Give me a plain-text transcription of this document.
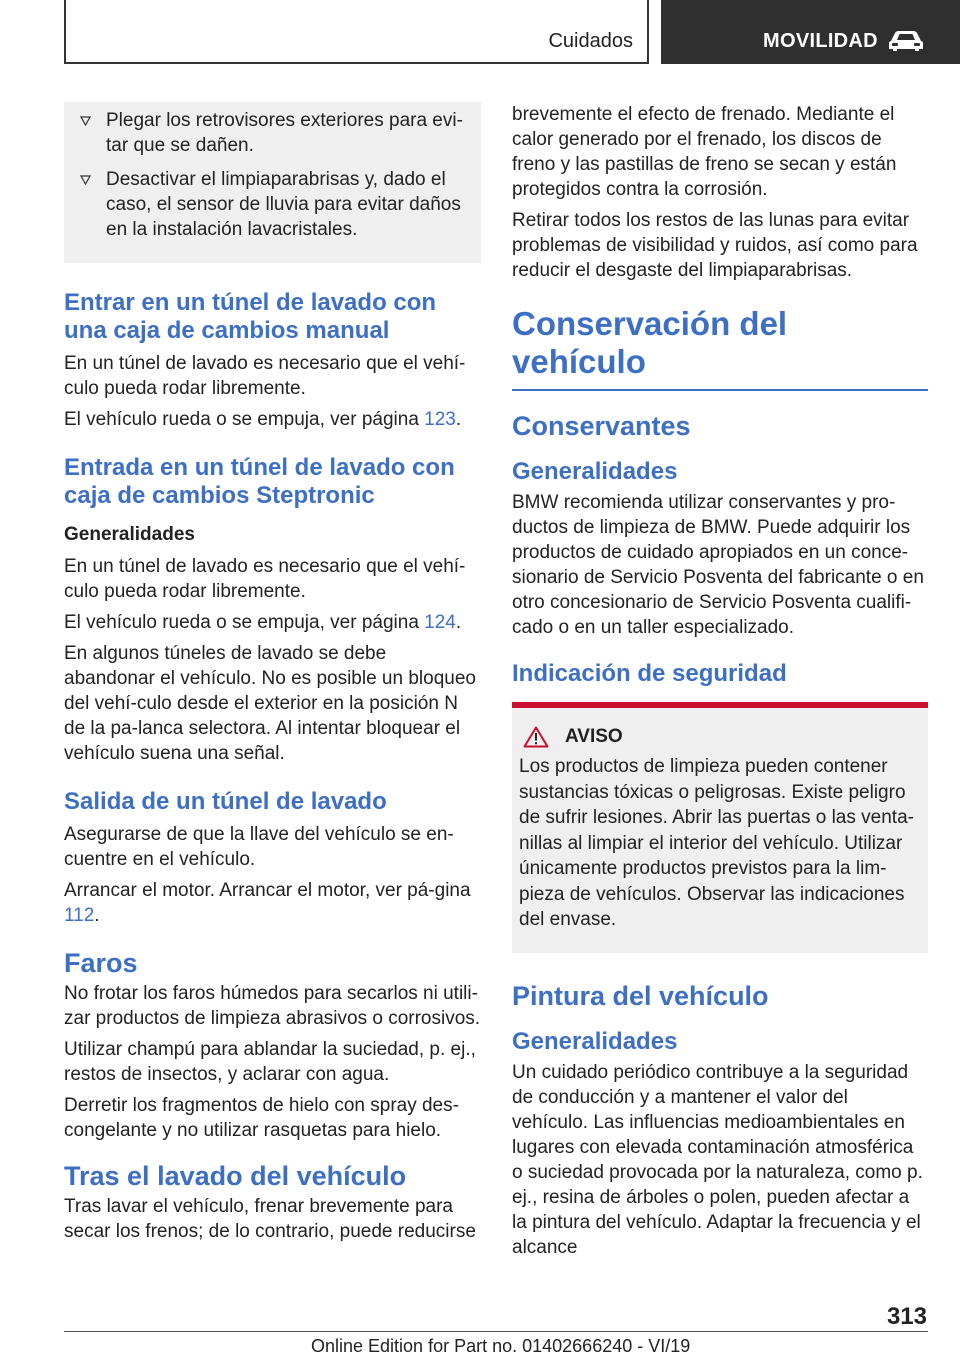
Cuidados	MOVILIDAD
Plegar los retrovisores exteriores para evi-tar que se dañen.
Desactivar el limpiaparabrisas y, dado el caso, el sensor de lluvia para evitar daños en la instalación lavacristales.
Entrar en un túnel de lavado con una caja de cambios manual

En un túnel de lavado es necesario que el vehí-culo pueda rodar libremente.

El vehículo rueda o se empuja, ver página 123.

Entrada en un túnel de lavado con caja de cambios Steptronic
Generalidades

En un túnel de lavado es necesario que el vehí-culo pueda rodar libremente.

El vehículo rueda o se empuja, ver página 124.

En algunos túneles de lavado se debe abandonar el vehículo. No es posible un bloqueo del vehí-culo desde el exterior en la posición N de la pa-lanca selectora. Al intentar bloquear el vehículo suena una señal.

Salida de un túnel de lavado

Asegurarse de que la llave del vehículo se en-cuentre en el vehículo.

Arrancar el motor. Arrancar el motor, ver pá-gina 112.

Faros

No frotar los faros húmedos para secarlos ni utili-zar productos de limpieza abrasivos o corrosivos.

Utilizar champú para ablandar la suciedad, p. ej., restos de insectos, y aclarar con agua.

Derretir los fragmentos de hielo con spray des-congelante y no utilizar rasquetas para hielo.

Tras el lavado del vehículo

Tras lavar el vehículo, frenar brevemente para secar los frenos; de lo contrario, puede reducirse

brevemente el efecto de frenado. Mediante el calor generado por el frenado, los discos de freno y las pastillas de freno se secan y están protegidos contra la corrosión.

Retirar todos los restos de las lunas para evitar problemas de visibilidad y ruidos, así como para reducir el desgaste del limpiaparabrisas.

Conservación del vehículo
Conservantes
Generalidades

BMW recomienda utilizar conservantes y pro-ductos de limpieza de BMW. Puede adquirir los productos de cuidado apropiados en un conce-sionario de Servicio Posventa del fabricante o en otro concesionario de Servicio Posventa cualifi-cado o en un taller especializado.

Indicación de seguridad
AVISO

Los productos de limpieza pueden contener sustancias tóxicas o peligrosas. Existe peligro de sufrir lesiones. Abrir las puertas o las venta-nillas al limpiar el interior del vehículo. Utilizar únicamente productos previstos para la lim-pieza de vehículos. Observar las indicaciones del envase.

Pintura del vehículo
Generalidades

Un cuidado periódico contribuye a la seguridad de conducción y a mantener el valor del vehículo. Las influencias medioambientales en lugares con elevada contaminación atmosférica o suciedad provocada por la naturaleza, como p. ej., resina de árboles o polen, pueden afectar a la pintura del vehículo. Adaptar la frecuencia y el alcance

313
Online Edition for Part no. 01402666240 - VI/19
